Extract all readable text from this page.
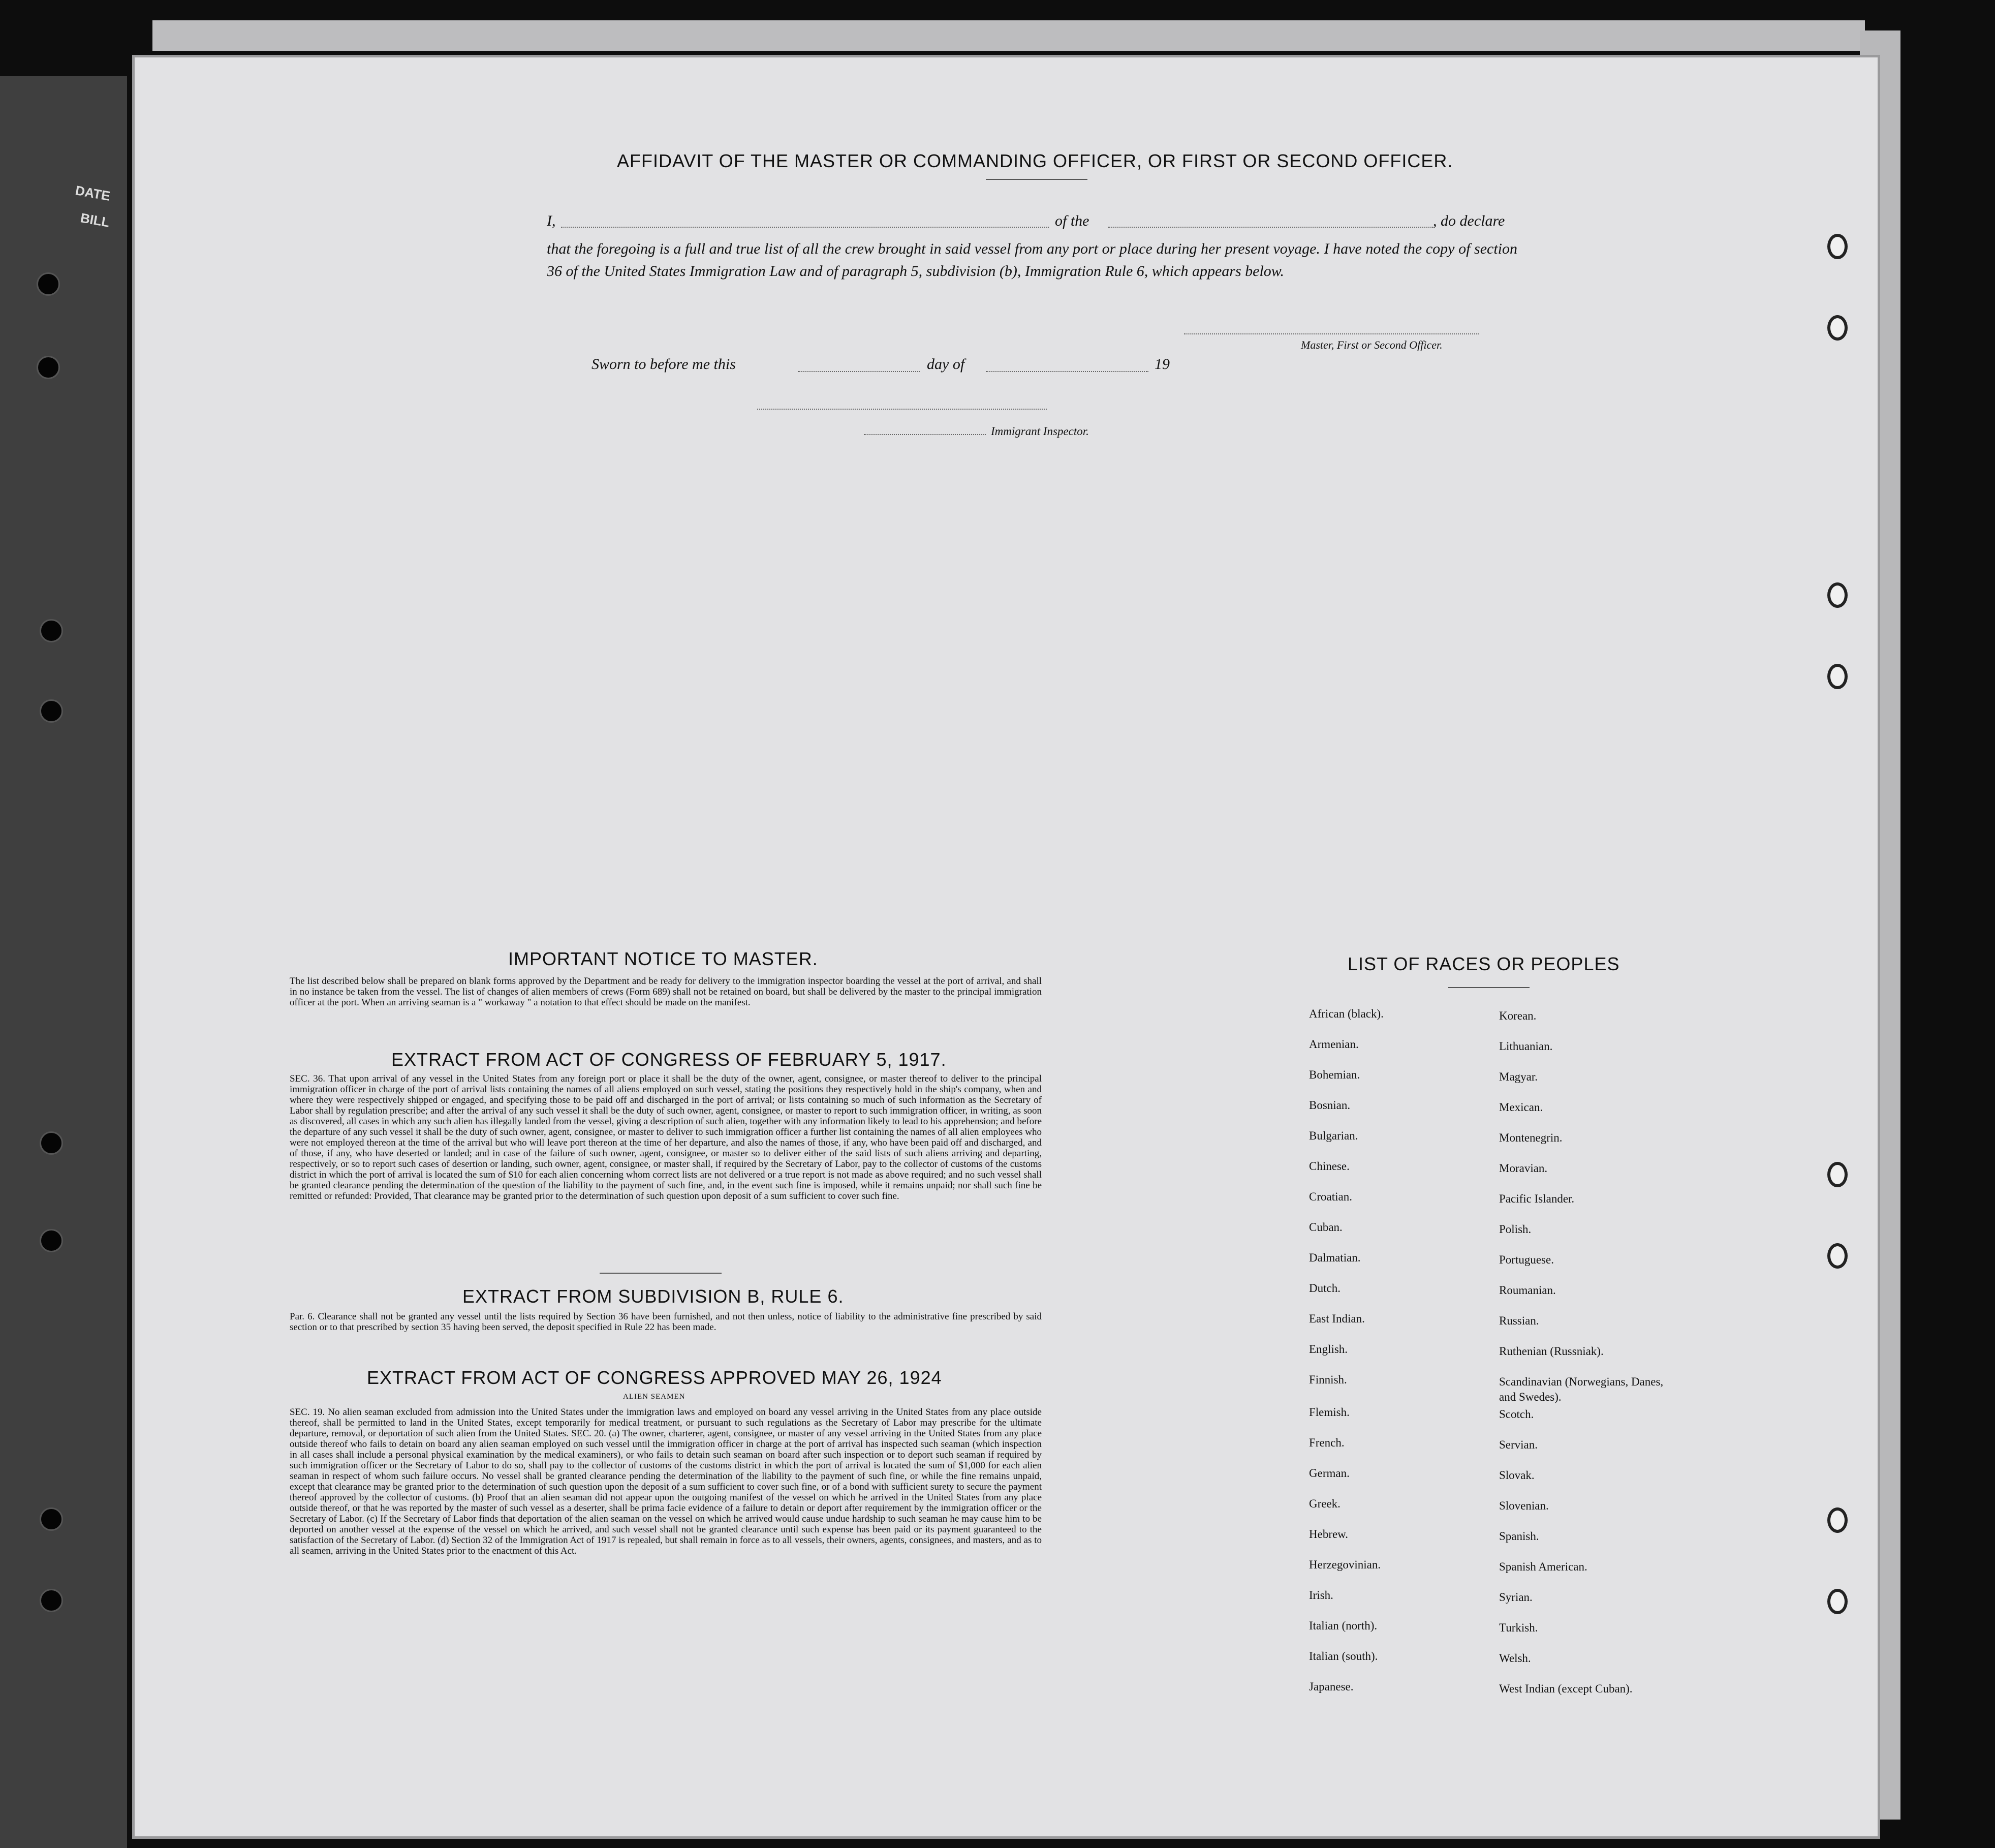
DATE
BILL
AFFIDAVIT OF THE MASTER OR COMMANDING OFFICER, OR FIRST OR SECOND OFFICER.
I,	of the	, do declare
that the foregoing is a full and true list of all the crew brought in said vessel from any port or place during her present voyage. I have noted the copy of section 36 of the United States Immigration Law and of paragraph 5, subdivision (b), Immigration Rule 6, which appears below.
Master, First or Second Officer.
Sworn to before me this	day of	19
Immigrant Inspector.
IMPORTANT NOTICE TO MASTER.
The list described below shall be prepared on blank forms approved by the Department and be ready for delivery to the immigration inspector boarding the vessel at the port of arrival, and shall in no instance be taken from the vessel. The list of changes of alien members of crews (Form 689) shall not be retained on board, but shall be delivered by the master to the principal immigration officer at the port. When an arriving seaman is a " workaway " a notation to that effect should be made on the manifest.
EXTRACT FROM ACT OF CONGRESS OF FEBRUARY 5, 1917.
SEC. 36. That upon arrival of any vessel in the United States from any foreign port or place it shall be the duty of the owner, agent, consignee, or master thereof to deliver to the principal immigration officer in charge of the port of arrival lists containing the names of all aliens employed on such vessel, stating the positions they respectively hold in the ship's company, when and where they were respectively shipped or engaged, and specifying those to be paid off and discharged in the port of arrival; or lists containing so much of such information as the Secretary of Labor shall by regulation prescribe; and after the arrival of any such vessel it shall be the duty of such owner, agent, consignee, or master to report to such immigration officer, in writing, as soon as discovered, all cases in which any such alien has illegally landed from the vessel, giving a description of such alien, together with any information likely to lead to his apprehension; and before the departure of any such vessel it shall be the duty of such owner, agent, consignee, or master to deliver to such immigration officer a further list containing the names of all alien employees who were not employed thereon at the time of the arrival but who will leave port thereon at the time of her departure, and also the names of those, if any, who have been paid off and discharged, and of those, if any, who have deserted or landed; and in case of the failure of such owner, agent, consignee, or master so to deliver either of the said lists of such aliens arriving and departing, respectively, or so to report such cases of desertion or landing, such owner, agent, consignee, or master shall, if required by the Secretary of Labor, pay to the collector of customs of the customs district in which the port of arrival is located the sum of $10 for each alien concerning whom correct lists are not delivered or a true report is not made as above required; and no such vessel shall be granted clearance pending the determination of the question of the liability to the payment of such fine, and, in the event such fine is imposed, while it remains unpaid; nor shall such fine be remitted or refunded: Provided, That clearance may be granted prior to the determination of such question upon deposit of a sum sufficient to cover such fine.
EXTRACT FROM SUBDIVISION B, RULE 6.
Par. 6. Clearance shall not be granted any vessel until the lists required by Section 36 have been furnished, and not then unless, notice of liability to the administrative fine prescribed by said section or to that prescribed by section 35 having been served, the deposit specified in Rule 22 has been made.
EXTRACT FROM ACT OF CONGRESS APPROVED MAY 26, 1924
ALIEN SEAMEN
SEC. 19. No alien seaman excluded from admission into the United States under the immigration laws and employed on board any vessel arriving in the United States from any place outside thereof, shall be permitted to land in the United States, except temporarily for medical treatment, or pursuant to such regulations as the Secretary of Labor may prescribe for the ultimate departure, removal, or deportation of such alien from the United States. SEC. 20. (a) The owner, charterer, agent, consignee, or master of any vessel arriving in the United States from any place outside thereof who fails to detain on board any alien seaman employed on such vessel until the immigration officer in charge at the port of arrival has inspected such seaman (which inspection in all cases shall include a personal physical examination by the medical examiners), or who fails to detain such seaman on board after such inspection or to deport such seaman if required by such immigration officer or the Secretary of Labor to do so, shall pay to the collector of customs of the customs district in which the port of arrival is located the sum of $1,000 for each alien seaman in respect of whom such failure occurs. No vessel shall be granted clearance pending the determination of the liability to the payment of such fine, or while the fine remains unpaid, except that clearance may be granted prior to the determination of such question upon the deposit of a sum sufficient to cover such fine, or of a bond with sufficient surety to secure the payment thereof approved by the collector of customs. (b) Proof that an alien seaman did not appear upon the outgoing manifest of the vessel on which he arrived in the United States from any place outside thereof, or that he was reported by the master of such vessel as a deserter, shall be prima facie evidence of a failure to detain or deport after requirement by the immigration officer or the Secretary of Labor. (c) If the Secretary of Labor finds that deportation of the alien seaman on the vessel on which he arrived would cause undue hardship to such seaman he may cause him to be deported on another vessel at the expense of the vessel on which he arrived, and such vessel shall not be granted clearance until such expense has been paid or its payment guaranteed to the satisfaction of the Secretary of Labor. (d) Section 32 of the Immigration Act of 1917 is repealed, but shall remain in force as to all vessels, their owners, agents, consignees, and masters, and as to all seamen, arriving in the United States prior to the enactment of this Act.
LIST OF RACES OR PEOPLES
African (black).
Armenian.
Bohemian.
Bosnian.
Bulgarian.
Chinese.
Croatian.
Cuban.
Dalmatian.
Dutch.
East Indian.
English.
Finnish.
Flemish.
French.
German.
Greek.
Hebrew.
Herzegovinian.
Irish.
Italian (north).
Italian (south).
Japanese.
Korean.
Lithuanian.
Magyar.
Mexican.
Montenegrin.
Moravian.
Pacific Islander.
Polish.
Portuguese.
Roumanian.
Russian.
Ruthenian (Russniak).
Scandinavian (Norwegians, Danes, and Swedes).
Scotch.
Servian.
Slovak.
Slovenian.
Spanish.
Spanish American.
Syrian.
Turkish.
Welsh.
West Indian (except Cuban).
